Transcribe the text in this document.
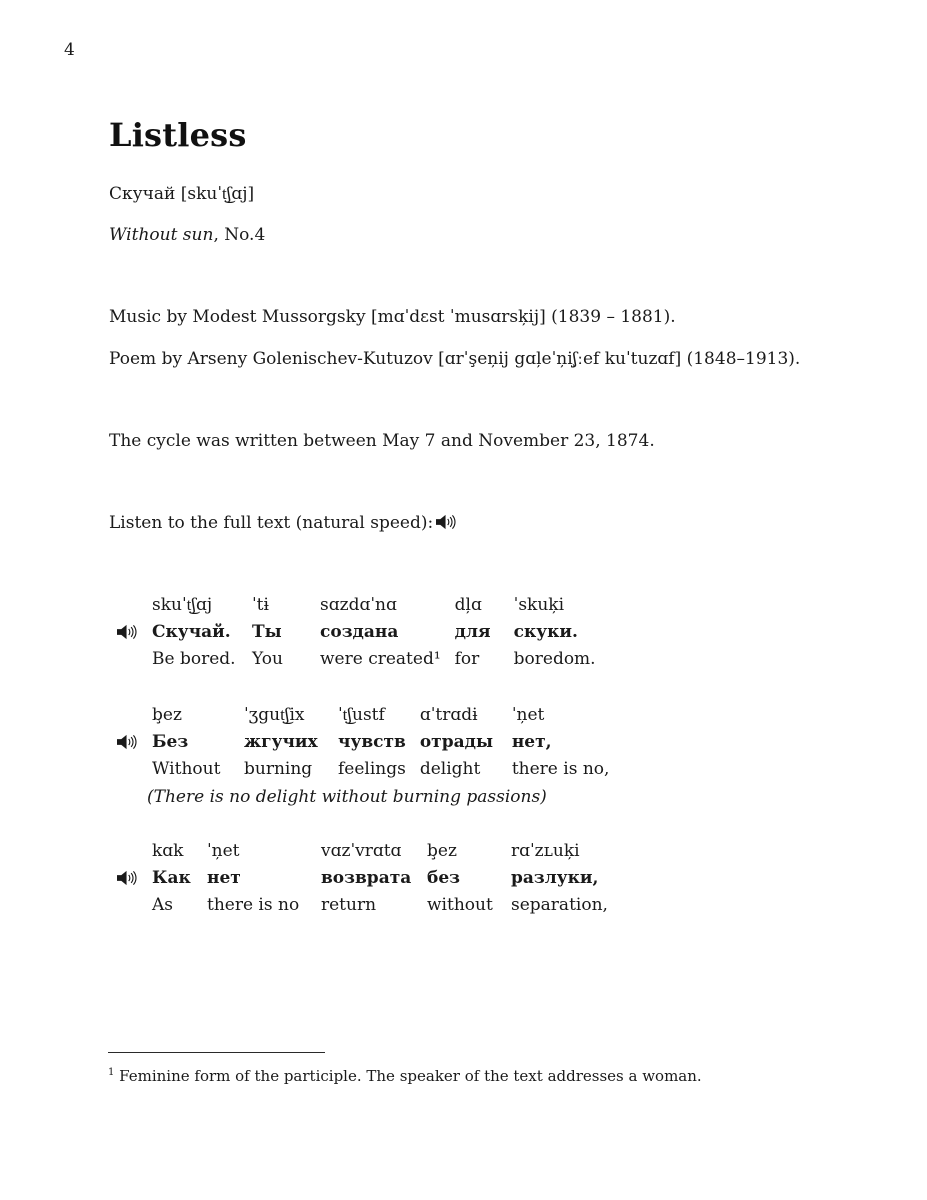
4
Listless

Скучай [skuˈt͜ʃɑj]

Without sun, No.4

Music by Modest Mussorgsky [mɑˈdɛst ˈmusɑrsķij] (1839 – 1881).

Poem by Arseny Golenischev-Kutuzov [ɑrˈşeņij gɑļeˈņiʃ̧ːef kuˈtuzɑf] (1848–1913).

The cycle was written between May 7 and November 23, 1874.

Listen to the full text (natural speed):

skuˈt͜ʃɑj	ˈtɨ	sɑzdɑˈnɑ	dļɑ	ˈskuķi
Скучай.	Ты	создана	для	скуки.
Be bored.	You	were created¹	for	boredom.
b̧ez	ˈʒgut͜ʃix	ˈt͜ʃustf	ɑˈtrɑdɨ	ˈņet
Без	жгучих	чувств	отрады	нет,
Without	burning	feelings	delight	there is no,
(There is no delight without burning passions)
kɑk	ˈņet	vɑzˈvrɑtɑ	b̧ez	rɑˈzʟuķi
Как	нет	возврата	без	разлуки,
As	there is no	return	without	separation,

$^1$ Feminine form of the participle. The speaker of the text addresses a woman.
